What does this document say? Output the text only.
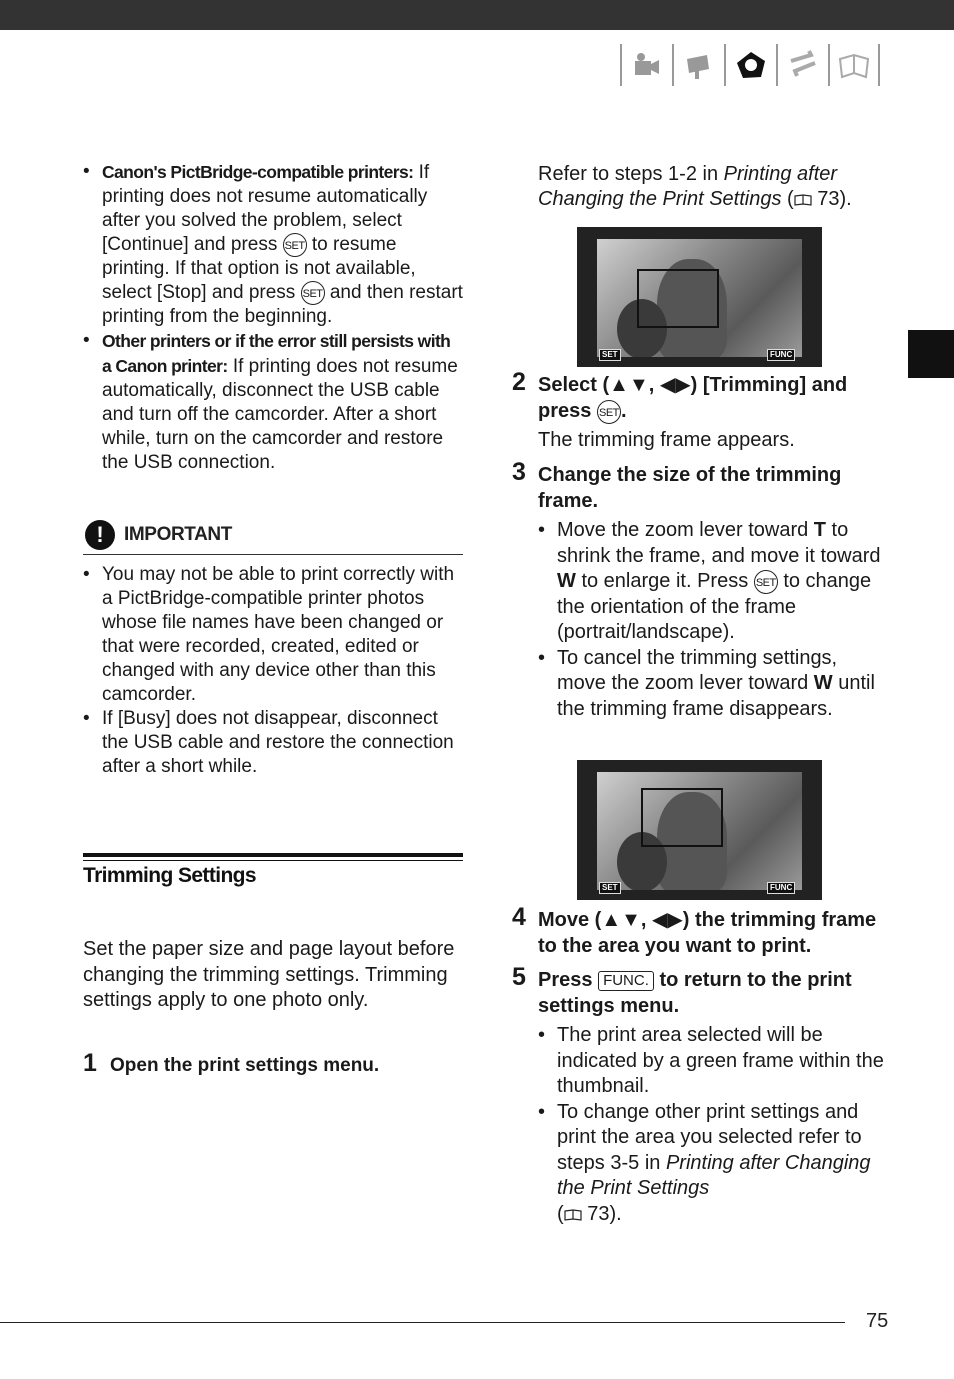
• Canon's PictBridge-compatible printers: If printing does not resume automatically after you solved the problem, select [Continue] and press SET to resume printing. If that option is not available, select [Stop] and press SET and then restart printing from the beginning.
• Other printers or if the error still persists with a Canon printer: If printing does not resume automatically, disconnect the USB cable and turn off the camcorder. After a short while, turn on the camcorder and restore the USB connection.
!	IMPORTANT
• You may not be able to print correctly with a PictBridge-compatible printer photos whose file names have been changed or that were recorded, created, edited or changed with any device other than this camcorder.
• If [Busy] does not disappear, disconnect the USB cable and restore the connection after a short while.
Trimming Settings
Set the paper size and page layout before changing the trimming settings. Trimming settings apply to one photo only.
1 Open the print settings menu.
Refer to steps 1-2 in Printing after Changing the Print Settings ( 73).
SET	FUNC
2 Select (▲▼, ◀▶) [Trimming] and press SET .
The trimming frame appears.
3 Change the size of the trimming frame.
• Move the zoom lever toward T to shrink the frame, and move it toward W to enlarge it. Press SET to change the orientation of the frame (portrait/landscape).
• To cancel the trimming settings, move the zoom lever toward W until the trimming frame disappears.
SET	FUNC
4 Move (▲▼, ◀▶) the trimming frame to the area you want to print.
5 Press FUNC. to return to the print settings menu.
• The print area selected will be indicated by a green frame within the thumbnail.
• To change other print settings and print the area you selected refer to steps 3-5 in Printing after Changing the Print Settings
( 73).
75
